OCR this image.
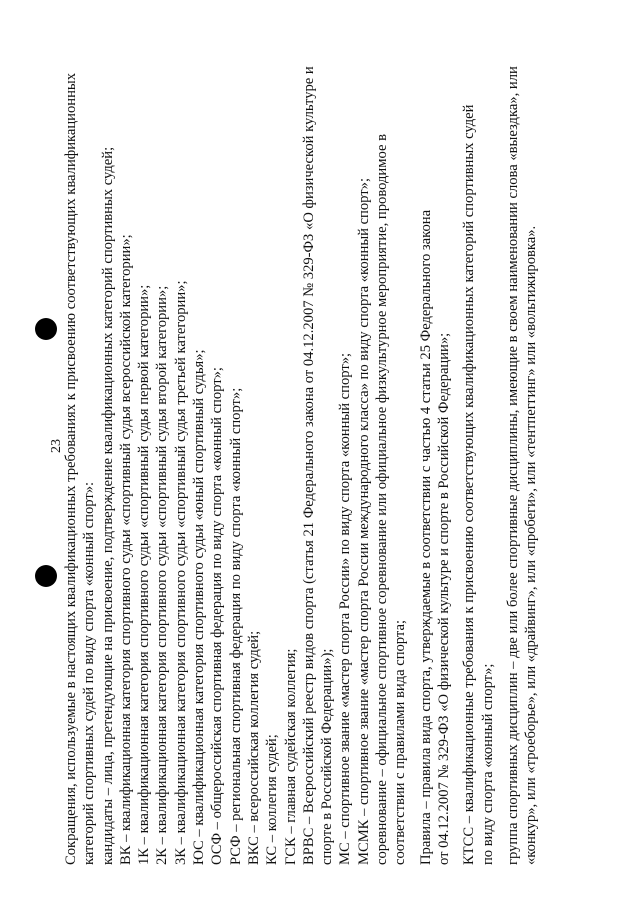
23 Сокращения, используемые в настоящих квалификационных требованиях к присвоению соответствующих квалификационных категорий спортивных судей по виду спорта «конный спорт»: кандидаты – лица, претендующие на присвоение, подтверждение квалификационных категорий спортивных судей; ВК – квалификационная категория спортивного судьи «спортивный судья всероссийской категории»; 1К – квалификационная категория спортивного судьи «спортивный судья первой категории»; 2К – квалификационная категория спортивного судьи «спортивный судья второй категории»; 3К – квалификационная категория спортивного судьи «спортивный судья третьей категории»; ЮС – квалификационная категория спортивного судьи «юный спортивный судья»; ОСФ – общероссийская спортивная федерация по виду спорта «конный спорт»; РСФ – региональная спортивная федерация по виду спорта «конный спорт»; ВКС – всероссийская коллегия судей; КС – коллегия судей; ГСК – главная судейская коллегия; ВРВС – Всероссийский реестр видов спорта (статья 21 Федерального закона от 04.12.2007 № 329-ФЗ «О физической культуре и спорте в Российской Федерации»); МС – спортивное звание «мастер спорта России» по виду спорта «конный спорт»; МСМК – спортивное звание «мастер спорта России международного класса» по виду спорта «конный спорт»; соревнование – официальное спортивное соревнование или официальное физкультурное мероприятие, проводимое в соответствии с правилами вида спорта; Правила – правила вида спорта, утверждаемые в соответствии с частью 4 статьи 25 Федерального закона от 04.12.2007 № 329-ФЗ «О физической культуре и спорте в Российской Федерации»; КТСС – квалификационные требования к присвоению соответствующих квалификационных категорий спортивных судей по виду спорта «конный спорт»; группа спортивных дисциплин – две или более спортивные дисциплины, имеющие в своем наименовании слова «выездка», или «конкур», или «троеборье», или «драйвинг», или «пробеги», или «тентпеггинг» или «вольтижировка».
